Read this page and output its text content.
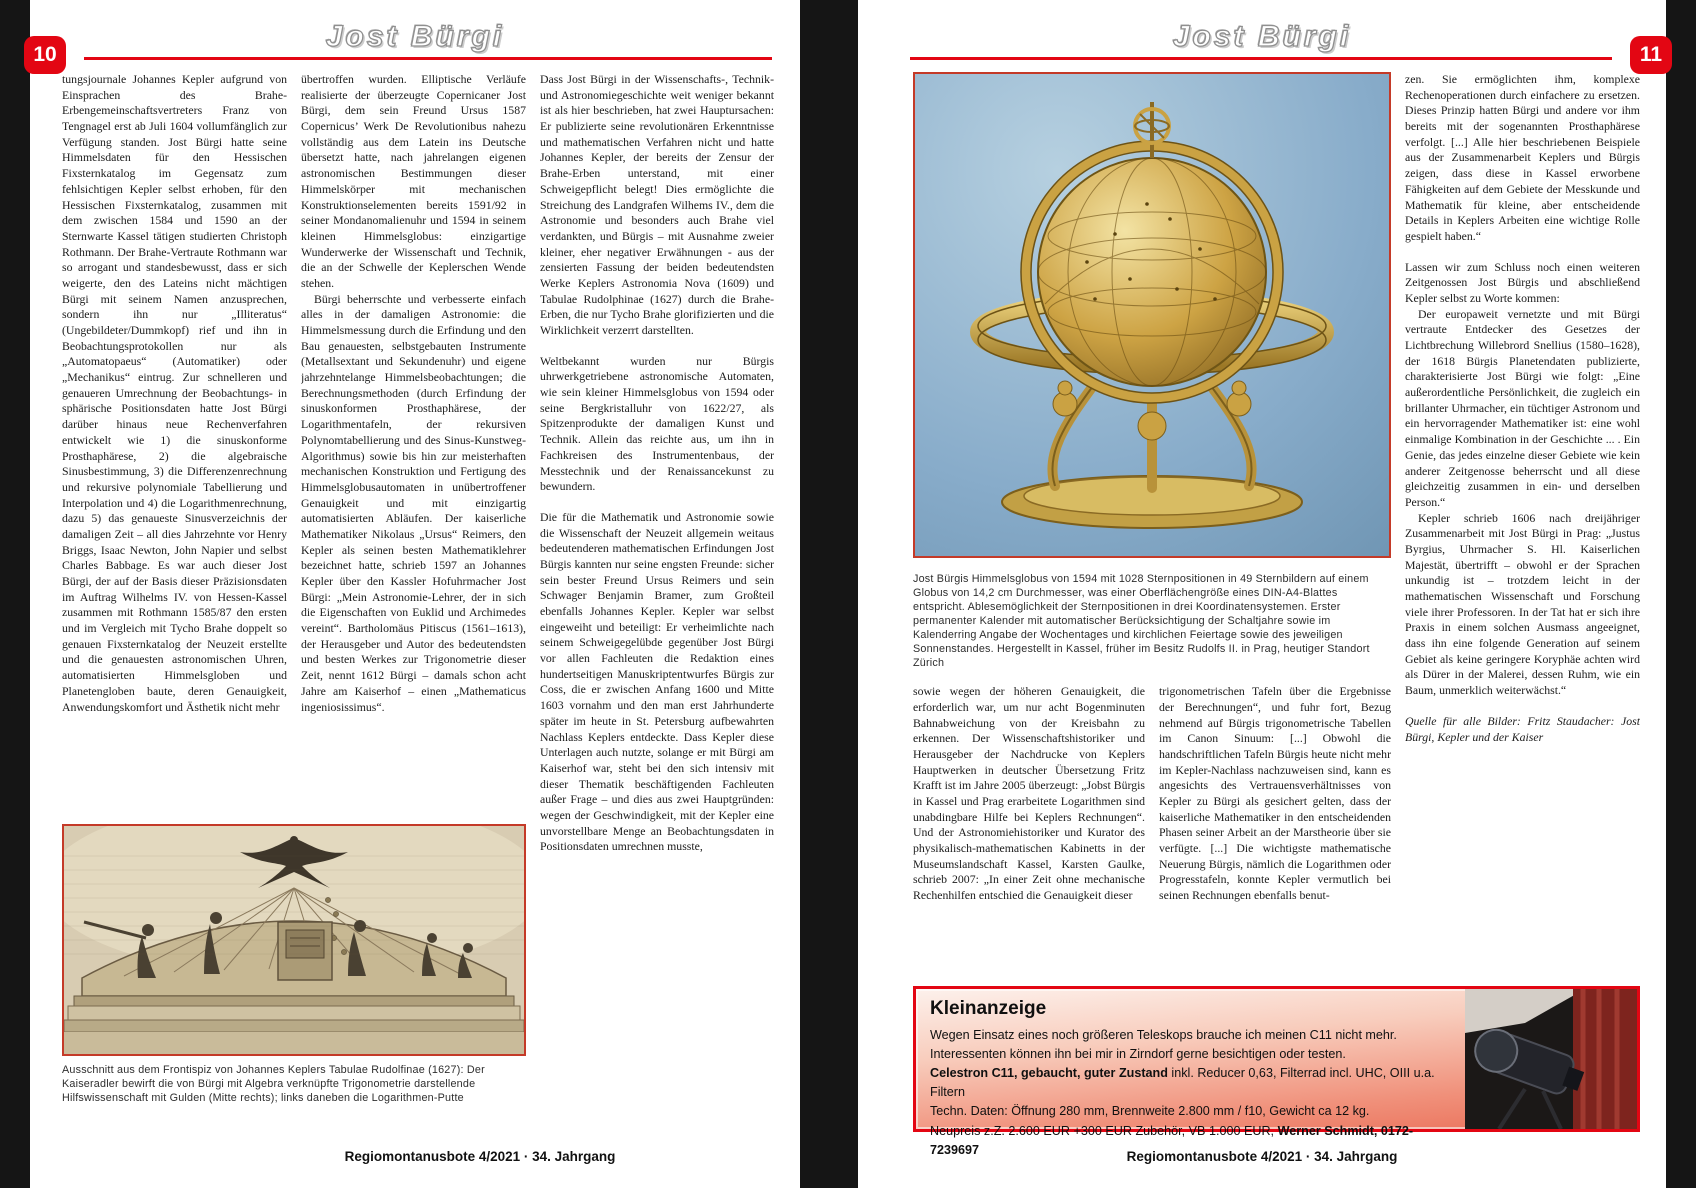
Jost Bürgi
10

tungsjournale Johannes Kepler aufgrund von Einsprachen des Brahe-Erbengemeinschaftsvertreters Franz von Tengnagel erst ab Juli 1604 vollumfänglich zur Verfügung standen. Jost Bürgi hatte seine Himmelsdaten für den Hessischen Fixsternkatalog im Gegensatz zum fehlsichtigen Kepler selbst erhoben, für den Hessischen Fixsternkatalog, zusammen mit dem zwischen 1584 und 1590 an der Sternwarte Kassel tätigen studierten Christoph Rothmann. Der Brahe-Vertraute Rothmann war so arrogant und standesbewusst, dass er sich weigerte, den des Lateins nicht mächtigen Bürgi mit seinem Namen anzusprechen, sondern ihn nur „Illiteratus“ (Ungebildeter/Dummkopf) rief und ihn in Beobachtungsprotokollen nur als „Automatopaeus“ (Automatiker) oder „Mechanikus“ eintrug. Zur schnelleren und genaueren Umrechnung der Beobachtungs- in sphärische Positionsdaten hatte Jost Bürgi darüber hinaus neue Rechenverfahren entwickelt wie 1) die sinuskonforme Prosthaphärese, 2) die algebraische Sinusbestimmung, 3) die Differenzenrechnung und rekursive polynomiale Tabellierung und Interpolation und 4) die Logarithmenrechnung, dazu 5) das genaueste Sinusverzeichnis der damaligen Zeit – all dies Jahrzehnte vor Henry Briggs, Isaac Newton, John Napier und selbst Charles Babbage. Es war auch dieser Jost Bürgi, der auf der Basis dieser Präzisionsdaten im Auftrag Wilhelms IV. von Hessen-Kassel zusammen mit Rothmann 1585/87 den ersten und im Vergleich mit Tycho Brahe doppelt so genauen Fixsternkatalog der Neuzeit erstellte und die genauesten astronomischen Uhren, automatisierten Himmelsgloben und Planetengloben baute, deren Genauigkeit, Anwendungskomfort und Ästhetik nicht mehr

übertroffen wurden. Elliptische Verläufe realisierte der überzeugte Copernicaner Jost Bürgi, dem sein Freund Ursus 1587 Copernicus’ Werk De Revolutionibus nahezu vollständig aus dem Latein ins Deutsche übersetzt hatte, nach jahrelangen eigenen astronomischen Bestimmungen dieser Himmelskörper mit mechanischen Konstruktionselementen bereits 1591/92 in seiner Mondanomalienuhr und 1594 in seinem kleinen Himmelsglobus: einzigartige Wunderwerke der Wissenschaft und Technik, die an der Schwelle der Keplerschen Wende stehen.

Bürgi beherrschte und verbesserte einfach alles in der damaligen Astronomie: die Himmelsmessung durch die Erfindung und den Bau genauesten, selbstgebauten Instrumente (Metallsextant und Sekundenuhr) und eigene jahrzehntelange Himmelsbeobachtungen; die Berechnungsmethoden (durch Erfindung der sinuskonformen Prosthaphärese, der Logarithmentafeln, der rekursiven Polynomtabellierung und des Sinus-Kunstweg-Algorithmus) sowie bis hin zur meisterhaften mechanischen Konstruktion und Fertigung des Himmelsglobusautomaten in unübertroffener Genauigkeit und mit einzigartig automatisierten Abläufen. Der kaiserliche Mathematiker Nikolaus „Ursus“ Reimers, den Kepler als seinen besten Mathematiklehrer bezeichnet hatte, schrieb 1597 an Johannes Kepler über den Kassler Hofuhrmacher Jost Bürgi: „Mein Astronomie-Lehrer, der in sich die Eigenschaften von Euklid und Archimedes vereint“. Bartholomäus Pitiscus (1561–1613), der Herausgeber und Autor des bedeutendsten und besten Werkes zur Trigonometrie dieser Zeit, nennt 1612 Bürgi – damals schon acht Jahre am Kaiserhof – einen „Mathematicus ingeniosissimus“.

Ausschnitt aus dem Frontispiz von Johannes Keplers Tabulae Rudolfinae (1627): Der Kaiseradler bewirft die von Bürgi mit Algebra verknüpfte Trigonometrie darstellende Hilfswissenschaft mit Gulden (Mitte rechts); links daneben die Logarithmen-Putte

Dass Jost Bürgi in der Wissenschafts-, Technik- und Astronomiegeschichte weit weniger bekannt ist als hier beschrieben, hat zwei Hauptursachen: Er publizierte seine revolutionären Erkenntnisse und mathematischen Verfahren nicht und hatte Johannes Kepler, der bereits der Zensur der Brahe-Erben unterstand, mit einer Schweigepflicht belegt! Dies ermöglichte die Streichung des Landgrafen Wilhems IV., dem die Astronomie und besonders auch Brahe viel verdankten, und Bürgis – mit Ausnahme zweier kleiner, eher negativer Erwähnungen - aus der zensierten Fassung der beiden bedeutendsten Werke Keplers Astronomia Nova (1609) und Tabulae Rudolphinae (1627) durch die Brahe-Erben, die nur Tycho Brahe glorifizierten und die Wirklichkeit verzerrt darstellten.

Weltbekannt wurden nur Bürgis uhrwerkgetriebene astronomische Automaten, wie sein kleiner Himmelsglobus von 1594 oder seine Bergkristalluhr von 1622/27, als Spitzenprodukte der damaligen Kunst und Technik. Allein das reichte aus, um ihn in Fachkreisen des Instrumentenbaus, der Messtechnik und der Renaissancekunst zu bewundern.

Die für die Mathematik und Astronomie sowie die Wissenschaft der Neuzeit allgemein weitaus bedeutenderen mathematischen Erfindungen Jost Bürgis kannten nur seine engsten Freunde: sicher sein bester Freund Ursus Reimers und sein Schwager Benjamin Bramer, zum Großteil ebenfalls Johannes Kepler. Kepler war selbst eingeweiht und beteiligt: Er verheimlichte nach seinem Schweigegelübde gegenüber Jost Bürgi vor allen Fachleuten die Redaktion eines hundertseitigen Manuskriptentwurfes Bürgis zur Coss, die er zwischen Anfang 1600 und Mitte 1603 vornahm und den man erst Jahrhunderte später im heute in St. Petersburg aufbewahrten Nachlass Keplers entdeckte. Dass Kepler diese Unterlagen auch nutzte, solange er mit Bürgi am Kaiserhof war, steht bei den sich intensiv mit dieser Thematik beschäftigenden Fachleuten außer Frage – und dies aus zwei Hauptgründen: wegen der Geschwindigkeit, mit der Kepler eine unvorstellbare Menge an Beobachtungsdaten in Positionsdaten umrechnen musste,

Regiomontanusbote 4/2021 · 34. Jahrgang
Jost Bürgi
11
Jost Bürgis Himmelsglobus von 1594 mit 1028 Sternpositionen in 49 Sternbildern auf einem Globus von 14,2 cm Durchmesser, was einer Oberflächengröße eines DIN-A4-Blattes entspricht. Ablesemöglichkeit der Sternpositionen in drei Koordinatensystemen. Erster permanenter Kalender mit automatischer Berücksichtigung der Schaltjahre sowie im Kalenderring Angabe der Wochentages und kirchlichen Feiertage sowie des jeweiligen Sonnenstandes. Hergestellt in Kassel, früher im Besitz Rudolfs II. in Prag, heutiger Standort Zürich

sowie wegen der höheren Genauigkeit, die erforderlich war, um nur acht Bogenminuten Bahnabweichung von der Kreisbahn zu erkennen. Der Wissenschaftshistoriker und Herausgeber der Nachdrucke von Keplers Hauptwerken in deutscher Übersetzung Fritz Krafft ist im Jahre 2005 überzeugt: „Jobst Bürgis in Kassel und Prag erarbeitete Logarithmen sind unabdingbare Hilfe bei Keplers Rechnungen“. Und der Astronomiehistoriker und Kurator des physikalisch-mathematischen Kabinetts in der Museumslandschaft Kassel, Karsten Gaulke, schrieb 2007: „In einer Zeit ohne mechanische Rechenhilfen entschied die Genauigkeit dieser

trigonometrischen Tafeln über die Ergebnisse der Berechnungen“, und fuhr fort, Bezug nehmend auf Bürgis trigonometrische Tabellen im Canon Sinuum: [...] Obwohl die handschriftlichen Tafeln Bürgis heute nicht mehr im Kepler-Nachlass nachzuweisen sind, kann es angesichts des Vertrauensverhältnisses von Kepler zu Bürgi als gesichert gelten, dass der kaiserliche Mathematiker in den entscheidenden Phasen seiner Arbeit an der Marstheorie über sie verfügte. [...] Die wichtigste mathematische Neuerung Bürgis, nämlich die Logarithmen oder Progresstafeln, konnte Kepler vermutlich bei seinen Rechnungen ebenfalls benut-

zen. Sie ermöglichten ihm, komplexe Rechenoperationen durch einfachere zu ersetzen. Dieses Prinzip hatten Bürgi und andere vor ihm bereits mit der sogenannten Prosthaphärese verfolgt. [...] Alle hier beschriebenen Beispiele aus der Zusammenarbeit Keplers und Bürgis zeigen, dass diese in Kassel erworbene Fähigkeiten auf dem Gebiete der Messkunde und Mathematik für kleine, aber entscheidende Details in Keplers Arbeiten eine wichtige Rolle gespielt haben.“

Lassen wir zum Schluss noch einen weiteren Zeitgenossen Jost Bürgis und abschließend Kepler selbst zu Worte kommen:

Der europaweit vernetzte und mit Bürgi vertraute Entdecker des Gesetzes der Lichtbrechung Willebrord Snellius (1580–1628), der 1618 Bürgis Planetendaten publizierte, charakterisierte Jost Bürgi wie folgt: „Eine außerordentliche Persönlichkeit, die zugleich ein brillanter Uhrmacher, ein tüchtiger Astronom und ein hervorragender Mathematiker ist: eine wohl einmalige Kombination in der Geschichte ... . Ein Genie, das jedes einzelne dieser Gebiete wie kein anderer Zeitgenosse beherrscht und all diese gleichzeitig zusammen in ein- und derselben Person.“

Kepler schrieb 1606 nach dreijähriger Zusammenarbeit mit Jost Bürgi in Prag: „Justus Byrgius, Uhrmacher S. Hl. Kaiserlichen Majestät, übertrifft – obwohl er der Sprachen unkundig ist – trotzdem leicht in der mathematischen Wissenschaft und Forschung viele ihrer Professoren. In der Tat hat er sich ihre Praxis in einem solchen Ausmass angeeignet, dass ihn eine folgende Generation auf seinem Gebiet als keine geringere Koryphäe achten wird als Dürer in der Malerei, dessen Ruhm, wie ein Baum, unmerklich weiterwächst.“

Quelle für alle Bilder: Fritz Staudacher: Jost Bürgi, Kepler und der Kaiser

Kleinanzeige

Wegen Einsatz eines noch größeren Teleskops brauche ich meinen C11 nicht mehr. Interessenten können ihn bei mir in Zirndorf gerne besichtigen oder testen.
Celestron C11, gebaucht, guter Zustand inkl. Reducer 0,63, Filterrad incl. UHC, OIII u.a. Filtern
Techn. Daten: Öffnung 280 mm, Brennweite 2.800 mm / f10, Gewicht ca 12 kg.
Neupreis z.Z. 2.600 EUR +300 EUR Zubehör, VB 1.000 EUR, Werner Schmidt, 0172-7239697	Regiomontanusbote 4/2021 · 34. Jahrgang
